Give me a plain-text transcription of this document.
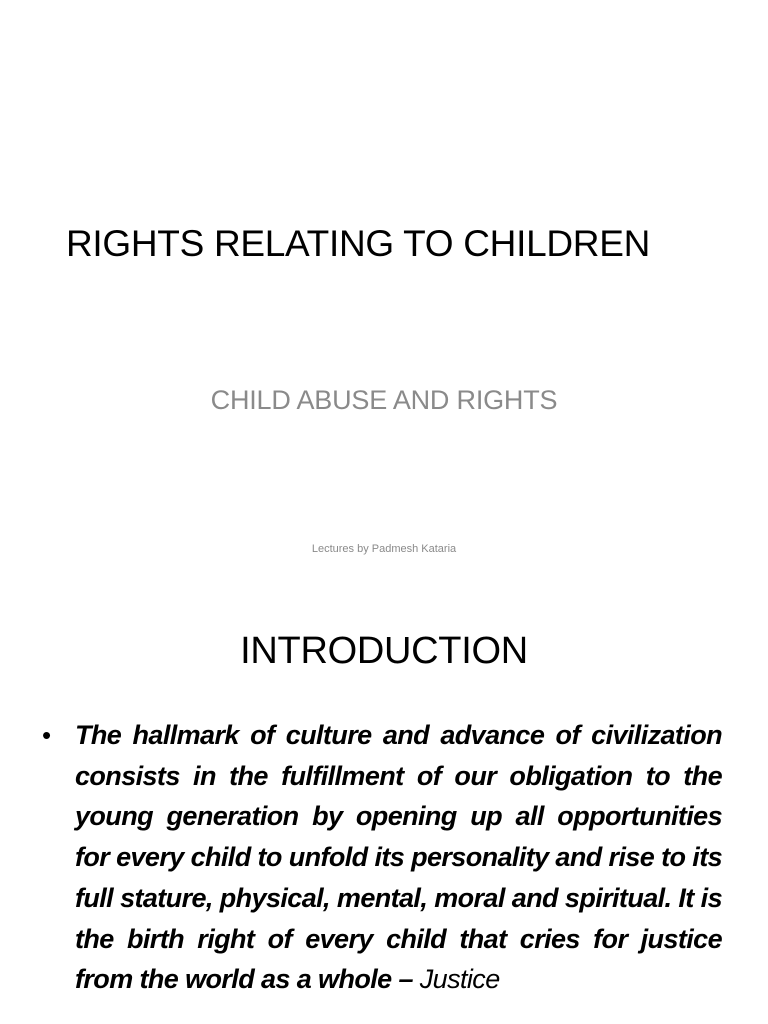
RIGHTS RELATING TO CHILDREN
CHILD ABUSE AND RIGHTS
Lectures by Padmesh Kataria
INTRODUCTION
• The hallmark of culture and advance of civilization consists in the fulfillment of our obligation to the young generation by opening up all opportunities for every child to unfold its personality and rise to its full stature, physical, mental, moral and spiritual. It is the birth right of every child that cries for justice from the world as a whole – Justice
